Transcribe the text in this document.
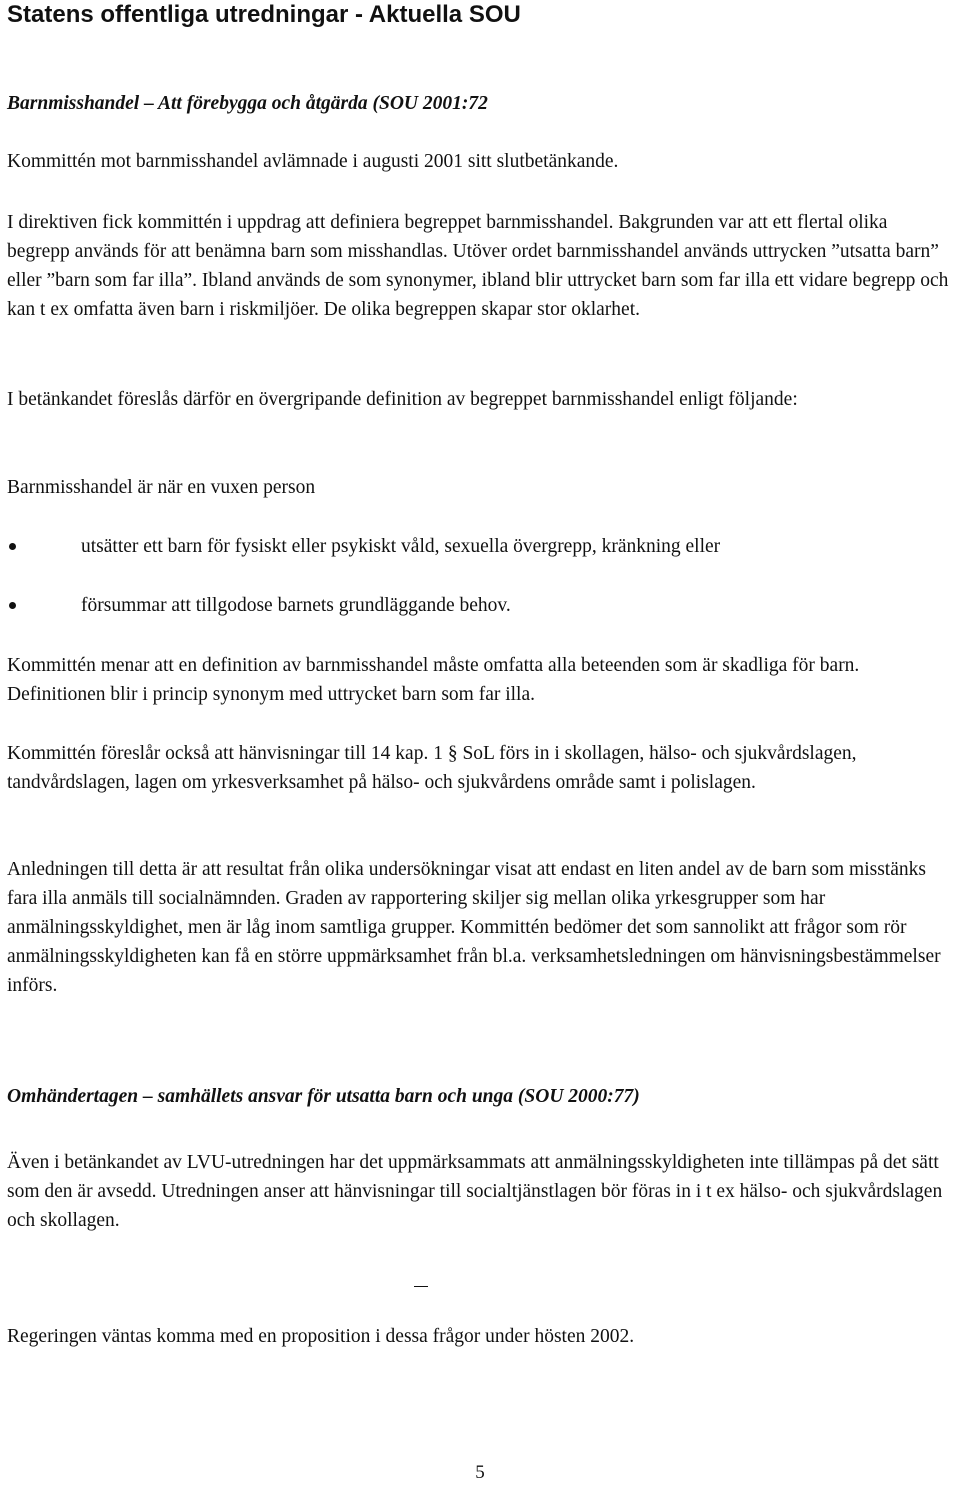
Statens offentliga utredningar - Aktuella SOU

Barnmisshandel – Att förebygga och åtgärda (SOU 2001:72

Kommittén mot barnmisshandel avlämnade i augusti 2001 sitt slutbetänkande.

I direktiven fick kommittén i uppdrag att definiera begreppet barnmisshandel. Bakgrunden var att ett flertal olika begrepp används för att benämna barn som misshandlas. Utöver ordet barnmisshandel används uttrycken ”utsatta barn” eller ”barn som far illa”. Ibland används de som synonymer, ibland blir uttrycket barn som far illa ett vidare begrepp och kan t ex omfatta även barn i riskmiljöer. De olika begreppen skapar stor oklarhet.

I betänkandet föreslås därför en övergripande definition av begreppet barnmisshandel enligt följande:

Barnmisshandel är när en vuxen person

utsätter ett barn för fysiskt eller psykiskt våld, sexuella övergrepp, kränkning eller
försummar att tillgodose barnets grundläggande behov.

Kommittén menar att en definition av barnmisshandel måste omfatta alla beteenden som är skadliga för barn. Definitionen blir i princip synonym med uttrycket barn som far illa.

Kommittén föreslår också att hänvisningar till 14 kap. 1 § SoL förs in i skollagen, hälso- och sjukvårdslagen, tandvårdslagen, lagen om yrkesverksamhet på hälso- och sjukvårdens område samt i polislagen.

Anledningen till detta är att resultat från olika undersökningar visat att endast en liten andel av de barn som misstänks fara illa anmäls till socialnämnden. Graden av rapportering skiljer sig mellan olika yrkesgrupper som har anmälningsskyldighet, men är låg inom samtliga grupper. Kommittén bedömer det som sannolikt att frågor som rör anmälningsskyldigheten kan få en större uppmärksamhet från bl.a. verksamhetsledningen om hänvisningsbestämmelser införs.

Omhändertagen – samhällets ansvar för utsatta barn och unga (SOU 2000:77)

Även i betänkandet av LVU-utredningen har det uppmärksammats att anmälningsskyldigheten inte tillämpas på det sätt som den är avsedd. Utredningen anser att hänvisningar till socialtjänstlagen bör föras in i t ex hälso- och sjukvårdslagen och skollagen.

Regeringen väntas komma med en proposition i dessa frågor under hösten 2002.

5
